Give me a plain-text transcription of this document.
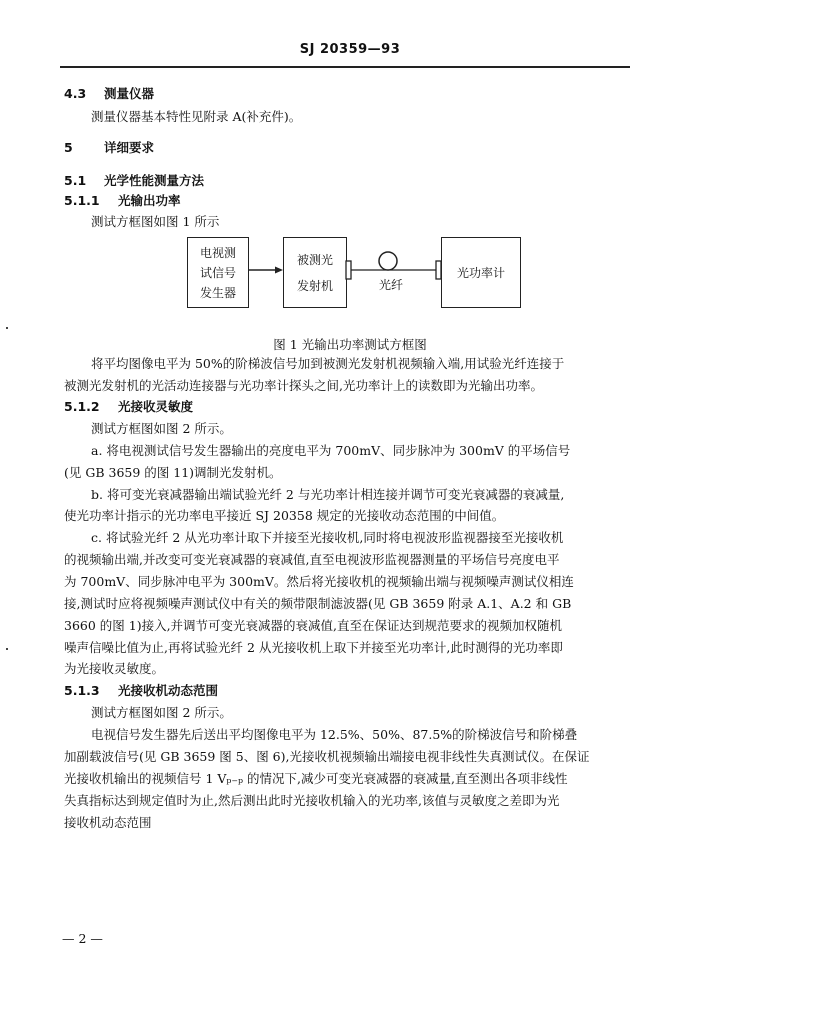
SJ 20359—93
4.3 测量仪器
测量仪器基本特性见附录 A(补充件)。
5	详细要求
5.1 光学性能测量方法
5.1.1 光输出功率
测试方框图如图 1 所示
电视测
试信号
发生器
被测光
发射机
光功率计
光纤
图 1 光输出功率测试方框图
将平均图像电平为 50%的阶梯波信号加到被测光发射机视频输入端,用试验光纤连接于
被测光发射机的光活动连接器与光功率计探头之间,光功率计上的读数即为光输出功率。
5.1.2 光接收灵敏度
测试方框图如图 2 所示。
a. 将电视测试信号发生器输出的亮度电平为 700mV、同步脉冲为 300mV 的平场信号
(见 GB 3659 的图 11)调制光发射机。
b. 将可变光衰减器输出端试验光纤 2 与光功率计相连接并调节可变光衰减器的衰减量,
使光功率计指示的光功率电平接近 SJ 20358 规定的光接收动态范围的中间值。
c. 将试验光纤 2 从光功率计取下并接至光接收机,同时将电视波形监视器接至光接收机
的视频输出端,并改变可变光衰减器的衰减值,直至电视波形监视器测量的平场信号亮度电平
为 700mV、同步脉冲电平为 300mV。然后将光接收机的视频输出端与视频噪声测试仪相连
接,测试时应将视频噪声测试仪中有关的频带限制滤波器(见 GB 3659 附录 A.1、A.2 和 GB
3660 的图 1)接入,并调节可变光衰减器的衰减值,直至在保证达到规范要求的视频加权随机
噪声信噪比值为止,再将试验光纤 2 从光接收机上取下并接至光功率计,此时测得的光功率即
为光接收灵敏度。
5.1.3 光接收机动态范围
测试方框图如图 2 所示。
电视信号发生器先后送出平均图像电平为 12.5%、50%、87.5%的阶梯波信号和阶梯叠
加副载波信号(见 GB 3659 图 5、图 6),光接收机视频输出端接电视非线性失真测试仪。在保证
光接收机输出的视频信号 1 Vₚ₋ₚ 的情况下,减少可变光衰减器的衰减量,直至测出各项非线性
失真指标达到规定值时为止,然后测出此时光接收机输入的光功率,该值与灵敏度之差即为光
接收机动态范围
— 2 —
